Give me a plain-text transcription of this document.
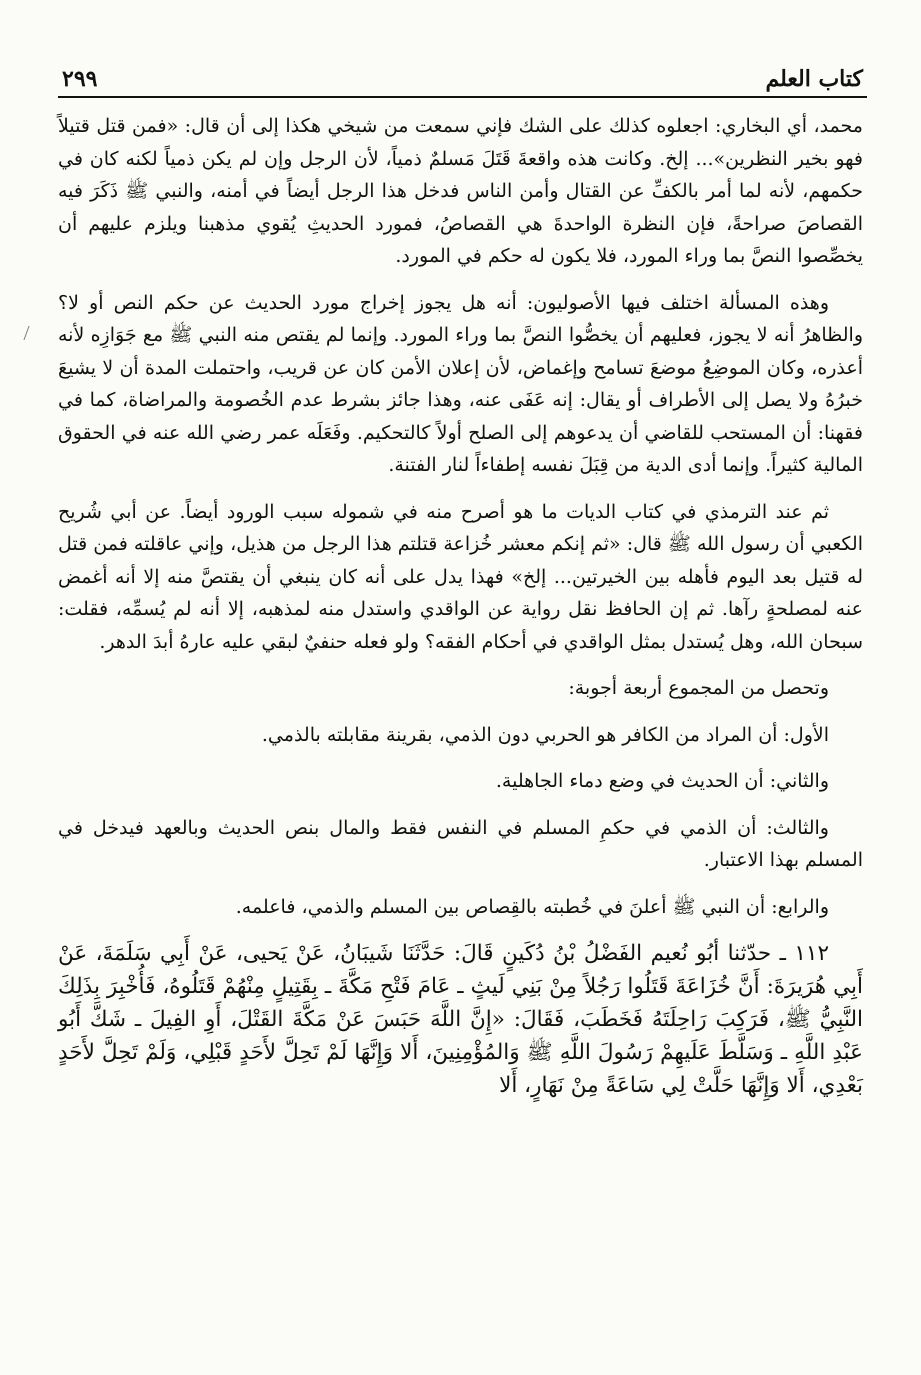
كتاب العلم
٢٩٩

محمد، أي البخاري: اجعلوه كذلك على الشك فإني سمعت من شيخي هكذا إلى أن قال: «فمن قتل قتيلاً فهو بخير النظرين»... إلخ. وكانت هذه واقعةَ قَتَلَ مَسلمٌ ذمياً، لأن الرجل وإن لم يكن ذمياً لكنه كان في حكمهم، لأنه لما أمر بالكفِّ عن القتال وأمن الناس فدخل هذا الرجل أيضاً في أمنه، والنبي ﷺ ذَكَرَ فيه القصاصَ صراحةً، فإن النظرة الواحدةَ هي القصاصُ، فمورد الحديثِ يُقوي مذهبنا ويلزم عليهم أن يخصِّصوا النصَّ بما وراء المورد، فلا يكون له حكم في المورد.

وهذه المسألة اختلف فيها الأصوليون: أنه هل يجوز إخراج مورد الحديث عن حكم النص أو لا؟ والظاهرُ أنه لا يجوز، فعليهم أن يخصُّوا النصَّ بما وراء المورد. وإنما لم يقتص منه النبي ﷺ مع جَوَازِه لأنه أعذره، وكان الموضِعُ موضعَ تسامح وإغماض، لأن إعلان الأمن كان عن قريب، واحتملت المدة أن لا يشيعَ خبرُهُ ولا يصل إلى الأطراف أو يقال: إنه عَفَى عنه، وهذا جائز بشرط عدم الخُصومة والمراضاة، كما في فقهنا: أن المستحب للقاضي أن يدعوهم إلى الصلح أولاً كالتحكيم. وفَعَلَه عمر رضي الله عنه في الحقوق المالية كثيراً. وإنما أدى الدية من قِبَلَ نفسه إطفاءاً لنار الفتنة.

ثم عند الترمذي في كتاب الديات ما هو أصرح منه في شموله سبب الورود أيضاً. عن أبي شُريح الكعبي أن رسول الله ﷺ قال: «ثم إنكم معشر خُزاعة قتلتم هذا الرجل من هذيل، وإني عاقلته فمن قتل له قتيل بعد اليوم فأهله بين الخيرتين... إلخ» فهذا يدل على أنه كان ينبغي أن يقتصَّ منه إلا أنه أغمض عنه لمصلحةٍ رآها. ثم إن الحافظ نقل رواية عن الواقدي واستدل منه لمذهبه، إلا أنه لم يُسمِّه، فقلت: سبحان الله، وهل يُستدل بمثل الواقدي في أحكام الفقه؟ ولو فعله حنفيٌ لبقي عليه عارهُ أبدَ الدهر.

وتحصل من المجموع أربعة أجوبة:

الأول: أن المراد من الكافر هو الحربي دون الذمي، بقرينة مقابلته بالذمي.

والثاني: أن الحديث في وضع دماء الجاهلية.

والثالث: أن الذمي في حكمِ المسلم في النفس فقط والمال بنص الحديث وبالعهد فيدخل في المسلم بهذا الاعتبار.

والرابع: أن النبي ﷺ أعلنَ في خُطبته بالقِصاص بين المسلم والذمي، فاعلمه.

١١٢ ـ حدّثنا أبُو نُعيم الفَضْلُ بْنُ دُكَينٍ قَالَ: حَدَّثَنَا شَيبَانُ، عَنْ يَحيى، عَنْ أَبِي سَلَمَةَ، عَنْ أَبِي هُرَيرَةَ: أَنَّ خُزَاعَةَ قَتَلُوا رَجُلاً مِنْ بَنِي لَيثٍ ـ عَامَ فَتْحِ مَكَّةَ ـ بِقَتِيلٍ مِنْهُمْ قَتَلُوهُ، فَأُخْبِرَ بِذَلِكَ النَّبِيُّ ﷺ، فَرَكِبَ رَاحِلَتَهُ فَخَطَبَ، فَقَالَ: «إِنَّ اللَّهَ حَبَسَ عَنْ مَكَّةَ القَتْلَ، أَوِ الفِيلَ ـ شَكَّ أَبُو عَبْدِ اللَّهِ ـ وَسَلَّطَ عَلَيهِمْ رَسُولَ اللَّهِ ﷺ وَالمُؤْمِنِينَ، أَلا وَإِنَّهَا لَمْ تَحِلَّ لأَحَدٍ قَبْلِي، وَلَمْ تَحِلَّ لأَحَدٍ بَعْدِي، أَلا وَإِنَّهَا حَلَّتْ لِي سَاعَةً مِنْ نَهَارٍ، أَلا
